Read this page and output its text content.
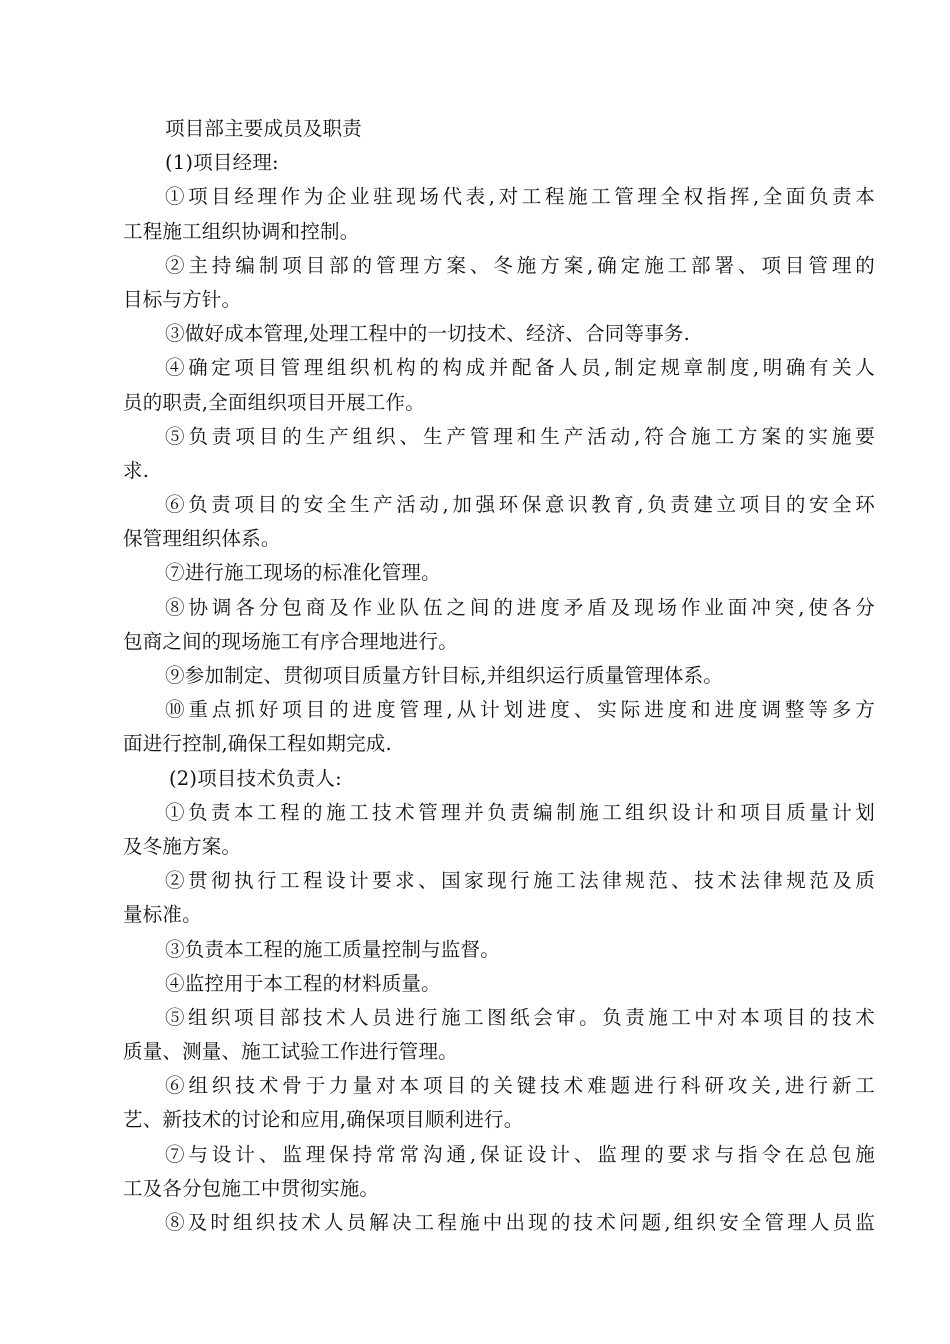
项目部主要成员及职责
(1)项目经理:
①项目经理作为企业驻现场代表,对工程施工管理全权指挥,全面负责本
工程施工组织协调和控制。
②主持编制项目部的管理方案、冬施方案,确定施工部署、项目管理的
目标与方针。
③做好成本管理,处理工程中的一切技术、经济、合同等事务.
④确定项目管理组织机构的构成并配备人员,制定规章制度,明确有关人
员的职责,全面组织项目开展工作。
⑤负责项目的生产组织、生产管理和生产活动,符合施工方案的实施要
求.
⑥负责项目的安全生产活动,加强环保意识教育,负责建立项目的安全环
保管理组织体系。
⑦进行施工现场的标准化管理。
⑧协调各分包商及作业队伍之间的进度矛盾及现场作业面冲突,使各分
包商之间的现场施工有序合理地进行。
⑨参加制定、贯彻项目质量方针目标,并组织运行质量管理体系。
⑩重点抓好项目的进度管理,从计划进度、实际进度和进度调整等多方
面进行控制,确保工程如期完成.
(2)项目技术负责人:
①负责本工程的施工技术管理并负责编制施工组织设计和项目质量计划
及冬施方案。
②贯彻执行工程设计要求、国家现行施工法律规范、技术法律规范及质
量标准。
③负责本工程的施工质量控制与监督。
④监控用于本工程的材料质量。
⑤组织项目部技术人员进行施工图纸会审。负责施工中对本项目的技术
质量、测量、施工试验工作进行管理。
⑥组织技术骨于力量对本项目的关键技术难题进行科研攻关,进行新工
艺、新技术的讨论和应用,确保项目顺利进行。
⑦与设计、监理保持常常沟通,保证设计、监理的要求与指令在总包施
工及各分包施工中贯彻实施。
⑧及时组织技术人员解决工程施中出现的技术问题,组织安全管理人员监
